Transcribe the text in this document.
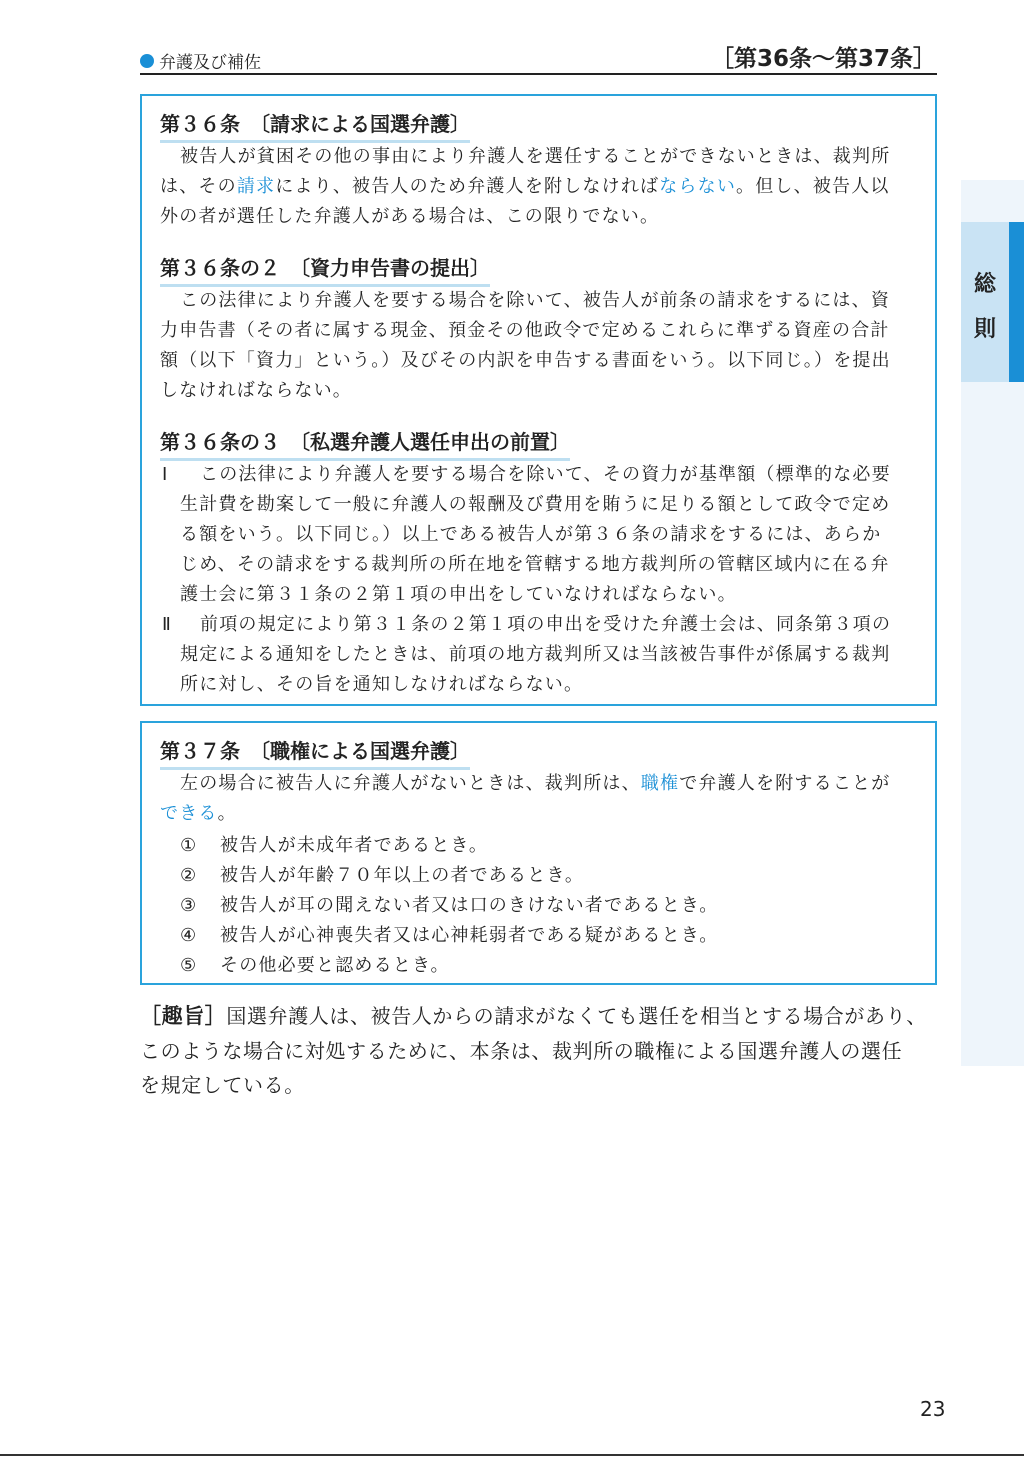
弁護及び補佐	［第36条〜第37条］
総
則
第３６条 〔請求による国選弁護〕
被告人が貧困その他の事由により弁護人を選任することができないときは、裁判所
は、その請求により、被告人のため弁護人を附しなければならない。但し、被告人以
外の者が選任した弁護人がある場合は、この限りでない。
第３６条の２ 〔資力申告書の提出〕
この法律により弁護人を要する場合を除いて、被告人が前条の請求をするには、資
力申告書（その者に属する現金、預金その他政令で定めるこれらに準ずる資産の合計
額（以下「資力」という。）及びその内訳を申告する書面をいう。以下同じ。）を提出
しなければならない。
第３６条の３ 〔私選弁護人選任申出の前置〕
Ⅰ この法律により弁護人を要する場合を除いて、その資力が基準額（標準的な必要
生計費を勘案して一般に弁護人の報酬及び費用を賄うに足りる額として政令で定め
る額をいう。以下同じ。）以上である被告人が第３６条の請求をするには、あらか
じめ、その請求をする裁判所の所在地を管轄する地方裁判所の管轄区域内に在る弁
護士会に第３１条の２第１項の申出をしていなければならない。
Ⅱ 前項の規定により第３１条の２第１項の申出を受けた弁護士会は、同条第３項の
規定による通知をしたときは、前項の地方裁判所又は当該被告事件が係属する裁判
所に対し、その旨を通知しなければならない。
第３７条 〔職権による国選弁護〕
左の場合に被告人に弁護人がないときは、裁判所は、職権で弁護人を附することが
できる。
① 被告人が未成年者であるとき。
② 被告人が年齢７０年以上の者であるとき。
③ 被告人が耳の聞えない者又は口のきけない者であるとき。
④ 被告人が心神喪失者又は心神耗弱者である疑があるとき。
⑤ その他必要と認めるとき。
［趣旨］国選弁護人は、被告人からの請求がなくても選任を相当とする場合があり、
このような場合に対処するために、本条は、裁判所の職権による国選弁護人の選任
を規定している。
23
